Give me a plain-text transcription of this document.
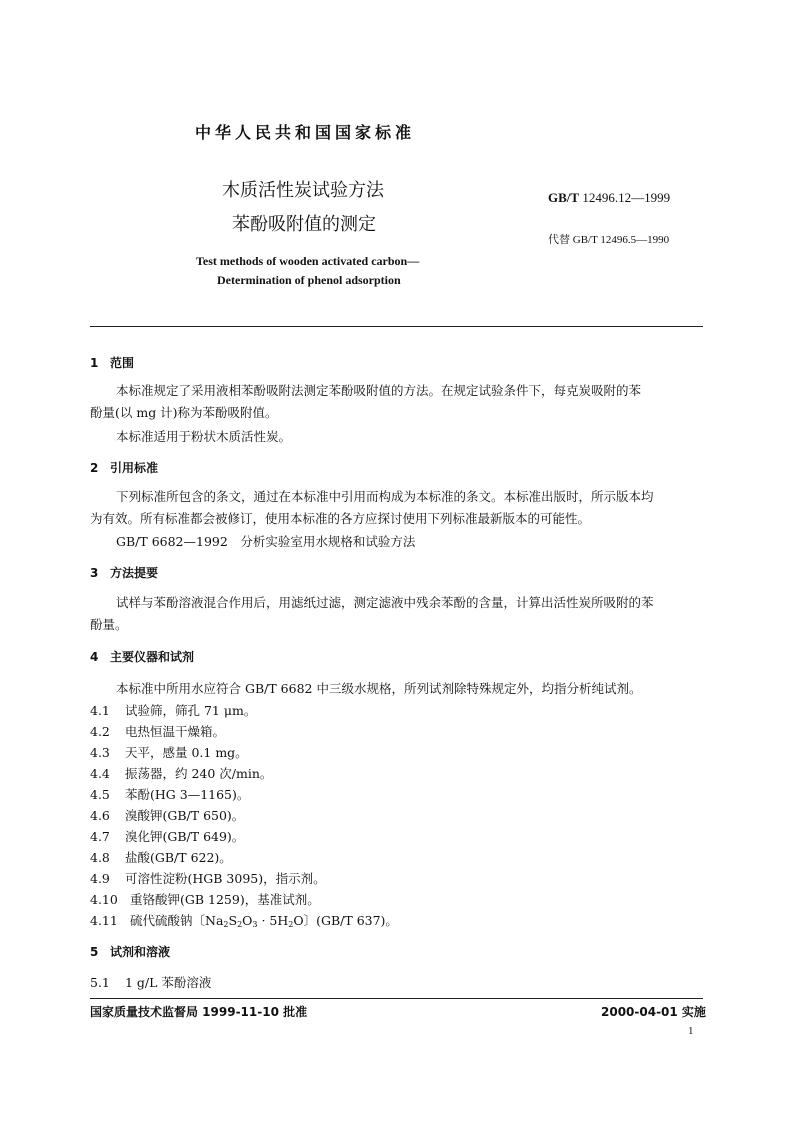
中华人民共和国国家标准
木质活性炭试验方法
苯酚吸附值的测定
GB/T 12496.12—1999
代替 GB/T 12496.5—1990
Test methods of wooden activated carbon—
Determination of phenol adsorption
1 范围
本标准规定了采用液相苯酚吸附法测定苯酚吸附值的方法。在规定试验条件下，每克炭吸附的苯
酚量(以 mg 计)称为苯酚吸附值。
本标准适用于粉状木质活性炭。
2 引用标准
下列标准所包含的条文，通过在本标准中引用而构成为本标准的条文。本标准出版时，所示版本均
为有效。所有标准都会被修订，使用本标准的各方应探讨使用下列标准最新版本的可能性。
GB/T 6682—1992　分析实验室用水规格和试验方法
3 方法提要
试样与苯酚溶液混合作用后，用滤纸过滤，测定滤液中残余苯酚的含量，计算出活性炭所吸附的苯
酚量。
4 主要仪器和试剂
本标准中所用水应符合 GB/T 6682 中三级水规格，所列试剂除特殊规定外，均指分析纯试剂。
4.1 试验筛，筛孔 71 μm。
4.2 电热恒温干燥箱。
4.3 天平，感量 0.1 mg。
4.4 振荡器，约 240 次/min。
4.5 苯酚(HG 3—1165)。
4.6 溴酸钾(GB/T 650)。
4.7 溴化钾(GB/T 649)。
4.8 盐酸(GB/T 622)。
4.9 可溶性淀粉(HGB 3095)，指示剂。
4.10 重铬酸钾(GB 1259)，基准试剂。
4.11 硫代硫酸钠〔$Na_2S_2O_3 \cdot 5H_2O$〕(GB/T 637)。
5 试剂和溶液
5.1 1 g/L 苯酚溶液
国家质量技术监督局 1999-11-10 批准	2000-04-01 实施
1
